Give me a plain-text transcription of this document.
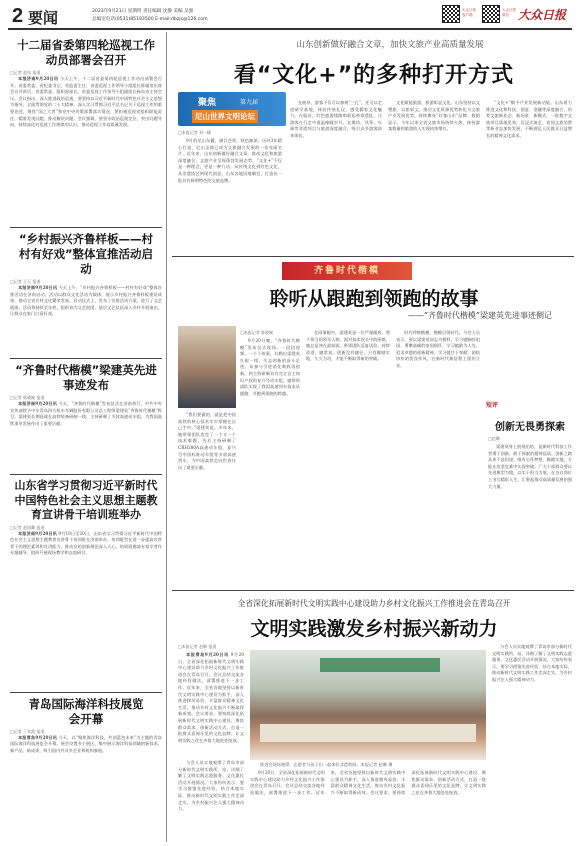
2 要闻	2023年9月21日 星期四 责任编辑 沈静 美编 吴强
总编室电话(0531)85193500 E-mail:dbzjs@126.com
大众日报 客户端
大众日报 微信 大众日报
十二届省委第四轮巡视工作动员部署会召开
□记者 赵凤 报道

本报济南9月20日讯 今天上午，十二届省委第四轮巡视工作动员部署会召开。省委常委、省纪委书记、省监委主任、省委巡视工作领导小组组长陈辐宽出席会议并讲话。省委常委、组织部部长、省委巡视工作领导小组副组长杨东奇主持会议。会议指出，深入推进政治巡视，要坚持以习近平新时代中国特色社会主义思想为指导，全面贯彻党的二十大精神，深入学习贯彻习近平总书记关于巡视工作的重要论述，聚焦“国之大者”和党中央决策部署落实情况，紧扣被巡视党组织职能责任，精准发现问题，推动解决问题。会议强调，要坚守政治巡视定位，突出问题导向，持续深化对巡视工作规律的认识，推动巡视工作高质量发展。

“乡村振兴齐鲁样板——村村有好戏”整体宣推活动启动
□记者 王玉 报道

本报济南9月20日讯 今天上午，“乡村振兴齐鲁样板——村村有好戏”整体宣推活动在济南启动。活动以群众文化活动为载体，展示乡村振兴齐鲁样板建设成果，推动全省乡村文化繁荣发展。启动仪式上，发布了宣推活动方案，进行了文艺展演。活动将持续至年底，组织省内文艺院团、基层文艺队伍深入乡村开展演出，让群众在家门口看好戏。

“齐鲁时代楷模”梁建英先进事迹发布
□记者 陈晓婉 报道

本报济南9月20日讯 今天，“齐鲁时代楷模”发布仪式在济南举行，中共中央宣传部授予中车青岛四方机车车辆股份有限公司总工程师梁建英“齐鲁时代楷模”称号。梁建英长期奋战在高铁装备研制一线，主持研制了多款高速动车组，为我国高铁事业发展作出了重要贡献。

山东省学习贯彻习近平新时代中国特色社会主义思想主题教育宣讲骨干培训班举办
□记者 赵国卿 报道

本报济南9月20日讯 9月19日至20日，山东省学习贯彻习近平新时代中国特色社会主义思想主题教育宣讲骨干培训班在济南举办。培训班旨在进一步提高宣讲骨干的理论素养和宣讲能力，推动党的创新理论深入人心。培训班邀请专家学者作专题辅导，组织开展现场教学和交流研讨。

青岛国际海洋科技展览会开幕
□记者 丁兆霞 报道

本报青岛9月20日讯 今天，以“聚焦海洋科技，共创蓝色未来”为主题的青岛国际海洋科技展览会开幕。展会设置多个展区，集中展示海洋科技领域的新技术、新产品、新成果，吸引国内外众多企业和机构参展。

山东创新做好融合文章，加快文旅产业高质量发展
看“文化+”的多种打开方式
聚焦	第九届
尼山世界文明论坛
□本报记者 刘一峰

9月的尼山东麓，满目苍翠，秋色渐浓。历经3年精心打造，尼山圣境已成为文旅融合发展的一张亮丽名片。近年来，山东创新做好融合文章，推动文化和旅游深度融合，文旅产业呈现蓬勃发展态势。“文化+”不仅是一种理念，更是一种行动。从传统文化到红色文化，从非遗技艺到现代创意，山东各地因地制宜，打造出一批具有鲜明特色的文旅品牌。

在曲阜，游客不仅可以参观“三孔”，还可以走进研学基地，体验传统礼仪，感受儒家文化魅力。在临沂，红色旅游线路串联起革命遗址，让游客在行走中重温峥嵘岁月。在潍坊，风筝、年画等非遗项目与旅游深度融合，吸引众多游客前来体验。

文化赋能旅游，旅游彰显文化。山东坚持以文塑旅、以旅彰文，推动文化资源优势转化为文旅产业发展优势，持续擦亮“好客山东”品牌。数据显示，今年以来全省文旅市场持续火热，接待游客数量和旅游收入实现较快增长。

“文化+”赋予产业发展新动能。山东着力推进文化和科技、创意、金融等深度融合，培育文旅新业态、新场景、新模式，一批数字文旅项目落地见效，沉浸式演艺、夜间文旅消费等新业态加快发展，不断满足人民群众日益增长的精神文化需求。

齐鲁时代楷模
聆听从跟跑到领跑的故事
——“齐鲁时代楷模”梁建英先进事迹侧记
□本报记者 陈晓婉

9月20日晚，“齐鲁时代楷模”发布仪式现场，一段段视频、一个个故事，勾勒出梁建英扎根一线、矢志创新的奋斗足迹。从参与引进消化吸收再创新，到主持研制具有完全自主知识产权的复兴号动车组，她带领团队实现了我国高速列车技术从跟跑、并跑到领跑的跨越。

“我们要做的，就是把中国高铁的核心技术牢牢掌握在自己手中。”梁建英说。多年来，她带领团队攻克了一个又一个技术难题，先后主持研制了CRH380A高速动车组、复兴号中国标准动车组等多款高速列车，为中国高铁走向世界作出了重要贡献。

在同事眼中，梁建英是一位严谨细致、勇于担当的领军人物。面对技术攻关中的困难，她总是冲在最前面，带领团队反复试验、持续改进。她常说，创新没有捷径，只有脚踏实地、久久为功，才能不断取得新的突破。

时代呼唤楷模，楷模引领时代。与会人员表示，要以梁建英同志为榜样，学习她胸怀祖国、勇攀高峰的家国情怀，学习她敢为人先、追求卓越的创新精神，学习她甘于奉献、团结协作的优良作风，在新时代新征程上建功立业。

短评
创新无畏勇探索
□赵琳

梁建英身上展现出的，是新时代科技工作者勇于创新、敢于探索的精神品质。创新之路从来不是坦途，唯有心怀梦想、脚踏实地，方能在攻坚克难中实现突破。广大干部群众要以先进典型为镜，以实干担当为笔，在各自岗位上书写精彩人生，汇聚起推动高质量发展的强大力量。

全省深化拓展新时代文明实践中心建设助力乡村文化振兴工作推进会在青岛召开
文明实践激发乡村振兴新动力
□本报记者 赵琳 报道

本报青岛9月20日讯 9月20日，全省深化拓展新时代文明实践中心建设助力乡村文化振兴工作推进会在青岛召开。会议总结交流各地经验做法，部署推进下一步工作。近年来，全省各地坚持以新时代文明实践中心建设为抓手，深入推进移风易俗，丰富群众精神文化生活，推动乡村文化振兴不断取得新成效。会议要求，要持续深化拓展新时代文明实践中心建设，聚焦群众需求，创新活动方式，打造一批群众喜闻乐见的文化品牌，让文明实践之花在齐鲁大地处处绽放。

推进会现场观摩，志愿者与孩子们一起体验非遗剪纸。本报记者 赵琳 摄

与会人员实地观摩了青岛市部分新时代文明实践所、站，详细了解了文明实践志愿服务、文化惠民活动开展情况。大家纷纷表示，要学习借鉴先进经验，结合本地实际，推动新时代文明实践工作走深走实，为乡村振兴注入强大精神动力。

9月20日，全省深化拓展新时代文明实践中心建设助力乡村文化振兴工作推进会在青岛召开。会议总结交流各地经验做法，部署推进下一步工作。近年来，全省各地坚持以新时代文明实践中心建设为抓手，深入推进移风易俗，丰富群众精神文化生活，推动乡村文化振兴不断取得新成效。会议要求，要持续深化拓展新时代文明实践中心建设，聚焦群众需求，创新活动方式，打造一批群众喜闻乐见的文化品牌，让文明实践之花在齐鲁大地处处绽放。

与会人员实地观摩了青岛市部分新时代文明实践所、站，详细了解了文明实践志愿服务、文化惠民活动开展情况。大家纷纷表示，要学习借鉴先进经验，结合本地实际，推动新时代文明实践工作走深走实，为乡村振兴注入强大精神动力。
